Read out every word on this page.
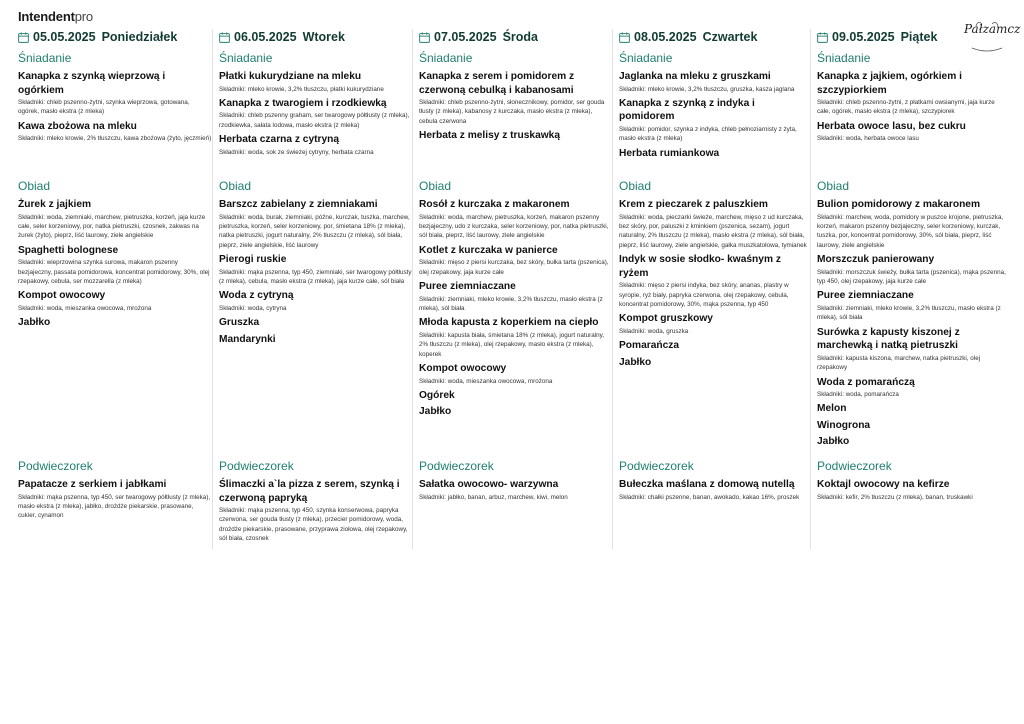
Intendentpro
Pałzamcz
05.05.2025 Poniedziałek
Śniadanie
Kanapka z szynką wieprzową i ogórkiem
Składniki: chleb pszenno-żytni, szynka wieprzowa, gotowana, ogórek, masło ekstra (z mleka)
Kawa zbożowa na mleku
Składniki: mleko krowie, 2% tłuszczu, kawa zbożowa (żyto, jęczmień)
Obiad
Żurek z jajkiem
Składniki: woda, ziemniaki, marchew, pietruszka, korzeń, jaja kurze całe, seler korzeniowy, por, natka pietruszki, czosnek, zakwas na żurek (żyto), pieprz, liść laurowy, ziele angielskie
Spaghetti bolognese
Składniki: wieprzowina szynka surowa, makaron pszenny bezjajeczny, passata pomidorowa, koncentrat pomidorowy, 30%, olej rzepakowy, cebula, ser mozzarella (z mleka)
Kompot owocowy
Składniki: woda, mieszanka owocowa, mrożona
Jabłko
Podwieczorek
Papatacze z serkiem i jabłkami
Składniki: mąka pszenna, typ 450, ser twarogowy półtłusty (z mleka), masło ekstra (z mleka), jabłko, drożdże piekarskie, prasowane, cukier, cynamon
06.05.2025 Wtorek
Śniadanie
Płatki kukurydziane na mleku
Składniki: mleko krowie, 3,2% tłuszczu, płatki kukurydziane
Kanapka z twarogiem i rzodkiewką
Składniki: chleb pszenny graham, ser twarogowy półtłusty (z mleka), rzodkiewka, sałata lodowa, masło ekstra (z mleka)
Herbata czarna z cytryną
Składniki: woda, sok ze świeżej cytryny, herbata czarna
Obiad
Barszcz zabielany z ziemniakami
Składniki: woda, burak, ziemniaki, późne, kurczak, tuszka, marchew, pietruszka, korzeń, seler korzeniowy, por, śmietana 18% (z mleka), natka pietruszki, jogurt naturalny, 2% tłuszczu (z mleka), sól biała, pieprz, ziele angielskie, liść laurowy
Pierogi ruskie
Składniki: mąka pszenna, typ 450, ziemniaki, ser twarogowy półtłusty (z mleka), cebula, masło ekstra (z mleka), jaja kurze całe, sól biała
Woda z cytryną
Składniki: woda, cytryna
Gruszka
Mandarynki
Podwieczorek
Ślimaczki a`la pizza z serem, szynką i czerwoną papryką
Składniki: mąka pszenna, typ 450, szynka konserwowa, papryka czerwona, ser gouda tłusty (z mleka), przecier pomidorowy, woda, drożdże piekarskie, prasowane, przyprawa ziołowa, olej rzepakowy, sól biała, czosnek
07.05.2025 Środa
Śniadanie
Kanapka z serem i pomidorem z czerwoną cebulką i kabanosami
Składniki: chleb pszenno-żytni, słonecznikowy, pomidor, ser gouda tłusty (z mleka), kabanosy z kurczaka, masło ekstra (z mleka), cebula czerwona
Herbata z melisy z truskawką
Obiad
Rosół z kurczaka z makaronem
Składniki: woda, marchew, pietruszka, korzeń, makaron pszenny bezjajeczny, udo z kurczaka, seler korzeniowy, por, natka pietruszki, sól biała, pieprz, liść laurowy, ziele angielskie
Kotlet z kurczaka w panierce
Składniki: mięso z piersi kurczaka, bez skóry, bułka tarta (pszenica), olej rzepakowy, jaja kurze całe
Puree ziemniaczane
Składniki: ziemniaki, mleko krowie, 3,2% tłuszczu, masło ekstra (z mleka), sól biała
Młoda kapusta z koperkiem na ciepło
Składniki: kapusta biała, śmietana 18% (z mleka), jogurt naturalny, 2% tłuszczu (z mleka), olej rzepakowy, masło ekstra (z mleka), koperek
Kompot owocowy
Składniki: woda, mieszanka owocowa, mrożona
Ogórek
Jabłko
Podwieczorek
Sałatka owocowo- warzywna
Składniki: jabłko, banan, arbuz, marchew, kiwi, melon
08.05.2025 Czwartek
Śniadanie
Jaglanka na mleku z gruszkami
Składniki: mleko krowie, 3,2% tłuszczu, gruszka, kasza jaglana
Kanapka z szynką z indyka i pomidorem
Składniki: pomidor, szynka z indyka, chleb pełnoziarnisty z żyta, masło ekstra (z mleka)
Herbata rumiankowa
Obiad
Krem z pieczarek z paluszkiem
Składniki: woda, pieczarki świeże, marchew, mięso z ud kurczaka, bez skóry, por, paluszki z kminkiem (pszenica, sezam), jogurt naturalny, 2% tłuszczu (z mleka), masło ekstra (z mleka), sól biała, pieprz, liść laurowy, ziele angielskie, gałka muszkatołowa, tymianek
Indyk w sosie słodko- kwaśnym z ryżem
Składniki: mięso z piersi indyka, bez skóry, ananas, plastry w syropie, ryż biały, papryka czerwona, olej rzepakowy, cebula, koncentrat pomidorowy, 30%, mąka pszenna, typ 450
Kompot gruszkowy
Składniki: woda, gruszka
Pomarańcza
Jabłko
Podwieczorek
Bułeczka maślana z domową nutellą
Składniki: chałki pszenne, banan, awokado, kakao 16%, proszek
09.05.2025 Piątek
Śniadanie
Kanapka z jajkiem, ogórkiem i szczypiorkiem
Składniki: chleb pszenno-żytni, z płatkami owsianymi, jaja kurze całe, ogórek, masło ekstra (z mleka), szczypiorek
Herbata owoce lasu, bez cukru
Składniki: woda, herbata owoce lasu
Obiad
Bulion pomidorowy z makaronem
Składniki: marchew, woda, pomidory w puszce krojone, pietruszka, korzeń, makaron pszenny bezjajeczny, seler korzeniowy, kurczak, tuszka, por, koncentrat pomidorowy, 30%, sól biała, pieprz, liść laurowy, ziele angielskie
Morszczuk panierowany
Składniki: morszczuk świeży, bułka tarta (pszenica), mąka pszenna, typ 450, olej rzepakowy, jaja kurze całe
Puree ziemniaczane
Składniki: ziemniaki, mleko krowie, 3,2% tłuszczu, masło ekstra (z mleka), sól biała
Surówka z kapusty kiszonej z marchewką i natką pietruszki
Składniki: kapusta kiszona, marchew, natka pietruszki, olej rzepakowy
Woda z pomarańczą
Składniki: woda, pomarańcza
Melon
Winogrona
Jabłko
Podwieczorek
Koktajl owocowy na kefirze
Składniki: kefir, 2% tłuszczu (z mleka), banan, truskawki
